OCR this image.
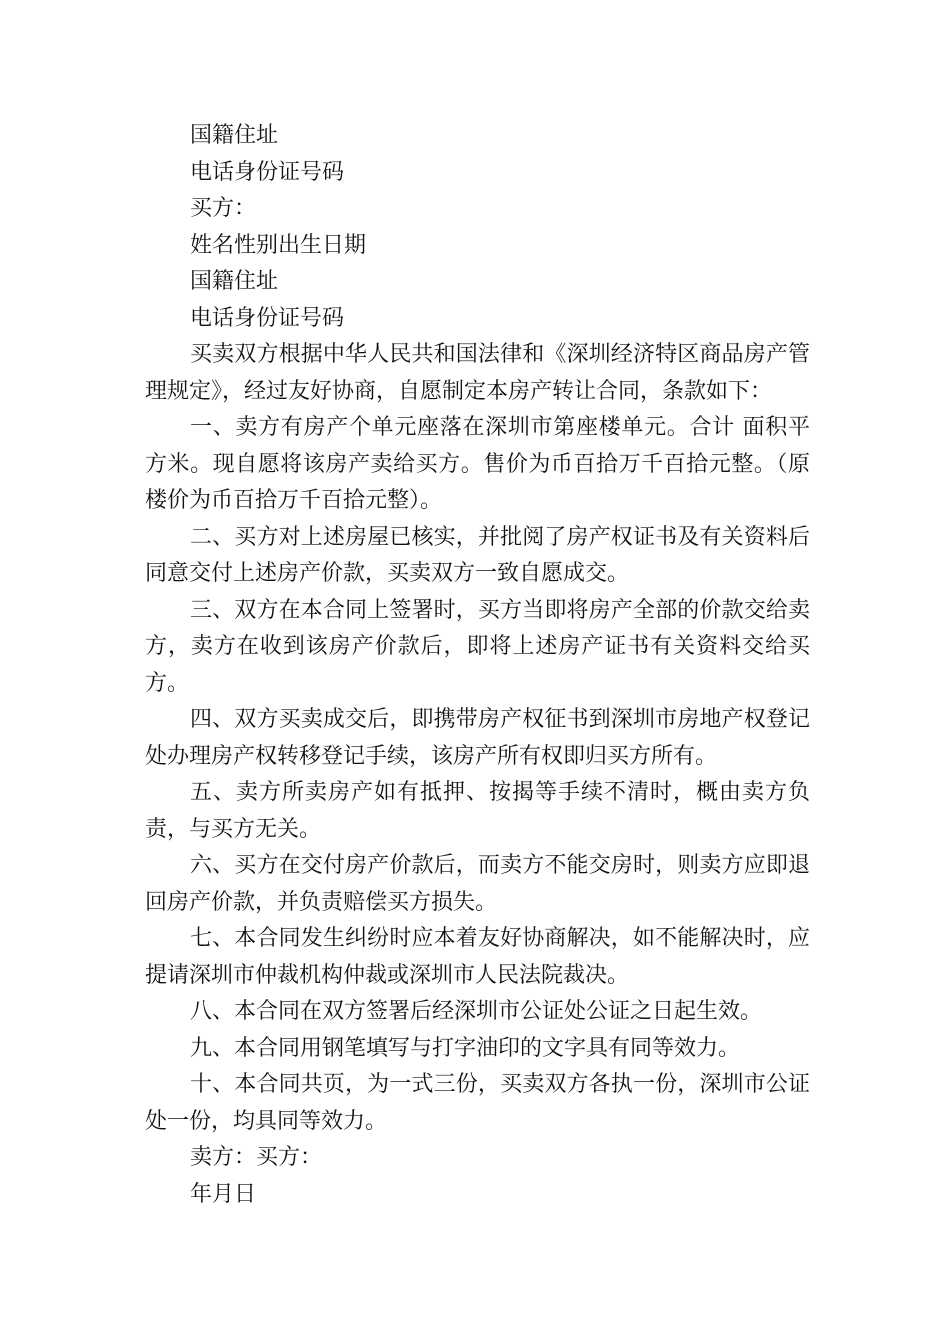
国籍住址

电话身份证号码

买方：

姓名性别出生日期

国籍住址

电话身份证号码

买卖双方根据中华人民共和国法律和《深圳经济特区商品房产管理规定》，经过友好协商，自愿制定本房产转让合同，条款如下：

一、卖方有房产个单元座落在深圳市第座楼单元。合计 面积平方米。现自愿将该房产卖给买方。售价为币百拾万千百拾元整。（原楼价为币百拾万千百拾元整）。

二、买方对上述房屋已核实，并批阅了房产权证书及有关资料后同意交付上述房产价款，买卖双方一致自愿成交。

三、双方在本合同上签署时，买方当即将房产全部的价款交给卖方，卖方在收到该房产价款后，即将上述房产证书有关资料交给买方。

四、双方买卖成交后，即携带房产权征书到深圳市房地产权登记处办理房产权转移登记手续，该房产所有权即归买方所有。

五、卖方所卖房产如有抵押、按揭等手续不清时，概由卖方负责，与买方无关。

六、买方在交付房产价款后，而卖方不能交房时，则卖方应即退回房产价款，并负责赔偿买方损失。

七、本合同发生纠纷时应本着友好协商解决，如不能解决时，应提请深圳市仲裁机构仲裁或深圳市人民法院裁决。

八、本合同在双方签署后经深圳市公证处公证之日起生效。

九、本合同用钢笔填写与打字油印的文字具有同等效力。

十、本合同共页，为一式三份，买卖双方各执一份，深圳市公证处一份，均具同等效力。

卖方：买方：

年月日
